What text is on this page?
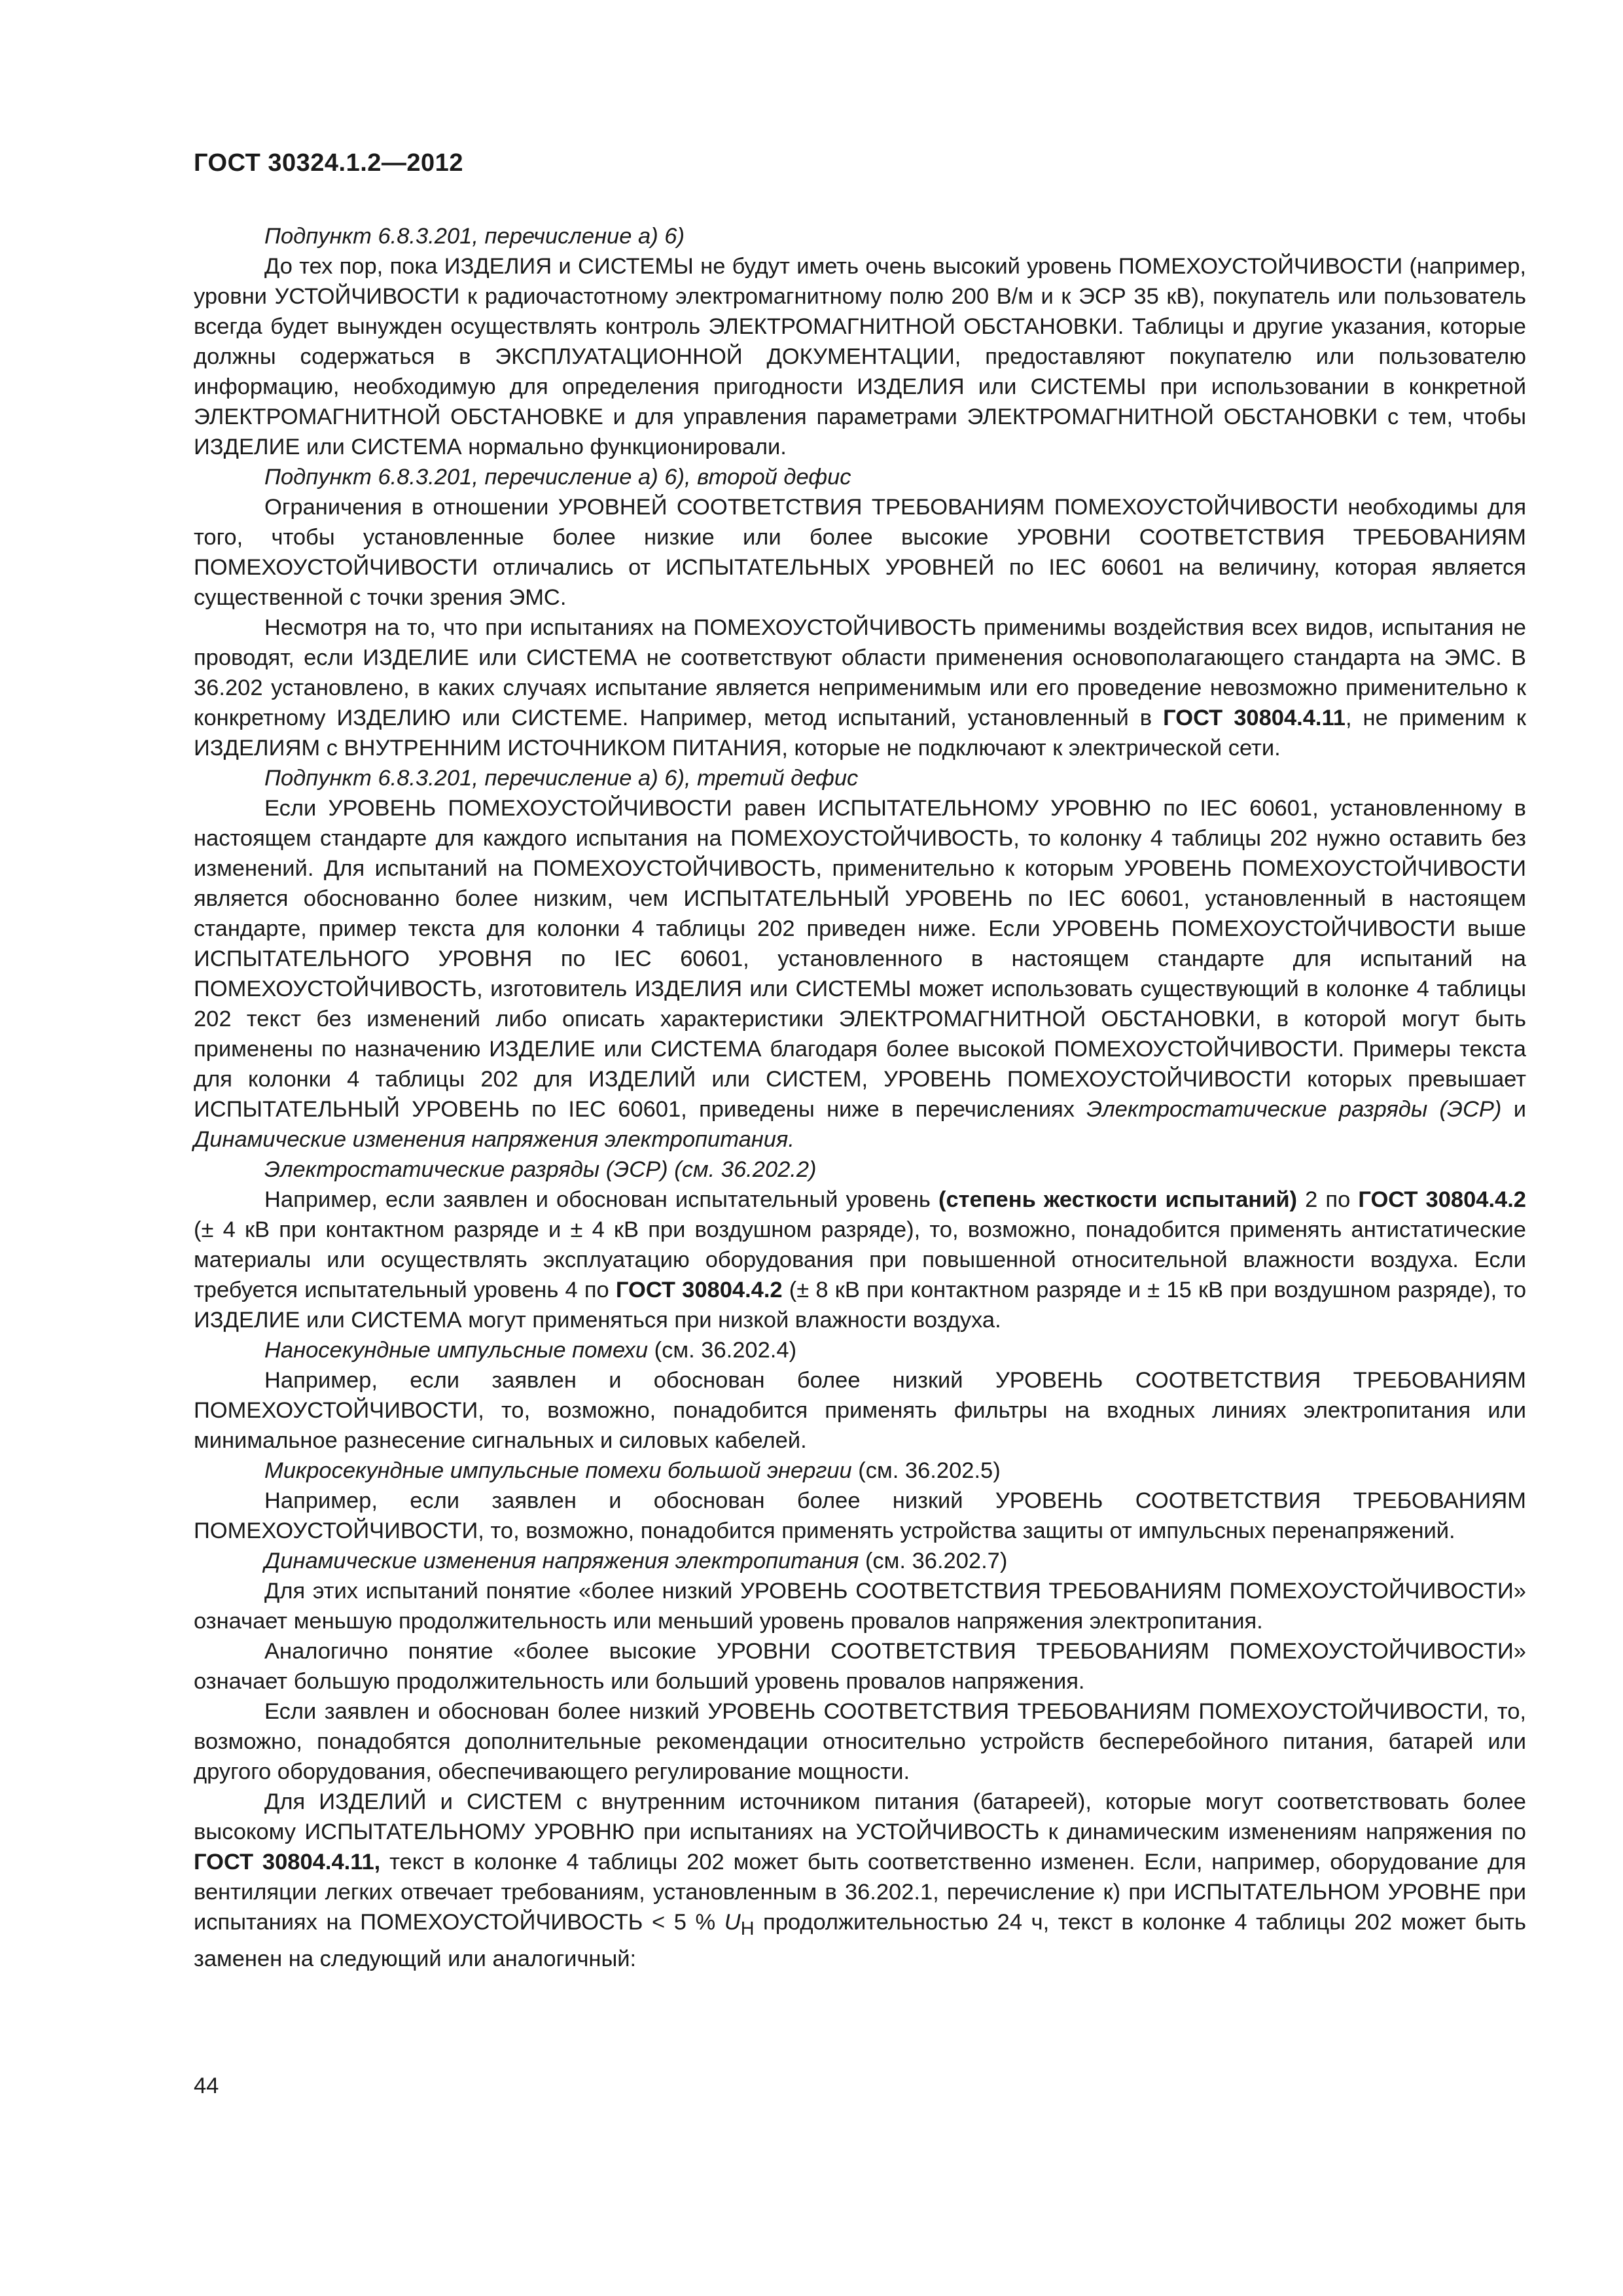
ГОСТ 30324.1.2—2012

Подпункт 6.8.3.201, перечисление а) 6)

До тех пор, пока ИЗДЕЛИЯ и СИСТЕМЫ не будут иметь очень высокий уровень ПОМЕХОУСТОЙЧИВОСТИ (например, уровни УСТОЙЧИВОСТИ к радиочастотному электромагнитному полю 200 В/м и к ЭСР 35 кВ), покупатель или пользователь всегда будет вынужден осуществлять контроль ЭЛЕКТРОМАГНИТНОЙ ОБСТАНОВКИ. Таблицы и другие указания, которые должны содержаться в ЭКСПЛУАТАЦИОННОЙ ДОКУМЕНТАЦИИ, предоставляют покупателю или пользователю информацию, необходимую для определения пригодности ИЗДЕЛИЯ или СИСТЕМЫ при использовании в конкретной ЭЛЕКТРОМАГНИТНОЙ ОБСТАНОВКЕ и для управления параметрами ЭЛЕКТРОМАГНИТНОЙ ОБСТАНОВКИ с тем, чтобы ИЗДЕЛИЕ или СИСТЕМА нормально функционировали.

Подпункт 6.8.3.201, перечисление а) 6), второй дефис

Ограничения в отношении УРОВНЕЙ СООТВЕТСТВИЯ ТРЕБОВАНИЯМ ПОМЕХОУСТОЙЧИВОСТИ необходимы для того, чтобы установленные более низкие или более высокие УРОВНИ СООТВЕТСТВИЯ ТРЕБОВАНИЯМ ПОМЕХОУСТОЙЧИВОСТИ отличались от ИСПЫТАТЕЛЬНЫХ УРОВНЕЙ по IEC 60601 на величину, которая является существенной с точки зрения ЭМС.

Несмотря на то, что при испытаниях на ПОМЕХОУСТОЙЧИВОСТЬ применимы воздействия всех видов, испытания не проводят, если ИЗДЕЛИЕ или СИСТЕМА не соответствуют области применения основополагающего стандарта на ЭМС. В 36.202 установлено, в каких случаях испытание является неприменимым или его проведение невозможно применительно к конкретному ИЗДЕЛИЮ или СИСТЕМЕ. Например, метод испытаний, установленный в ГОСТ 30804.4.11, не применим к ИЗДЕЛИЯМ с ВНУТРЕННИМ ИСТОЧНИКОМ ПИТАНИЯ, которые не подключают к электрической сети.

Подпункт 6.8.3.201, перечисление а) 6), третий дефис

Если УРОВЕНЬ ПОМЕХОУСТОЙЧИВОСТИ равен ИСПЫТАТЕЛЬНОМУ УРОВНЮ по IEC 60601, установленному в настоящем стандарте для каждого испытания на ПОМЕХОУСТОЙЧИВОСТЬ, то колонку 4 таблицы 202 нужно оставить без изменений. Для испытаний на ПОМЕХОУСТОЙЧИВОСТЬ, применительно к которым УРОВЕНЬ ПОМЕХОУСТОЙЧИВОСТИ является обоснованно более низким, чем ИСПЫТАТЕЛЬНЫЙ УРОВЕНЬ по IEC 60601, установленный в настоящем стандарте, пример текста для колонки 4 таблицы 202 приведен ниже. Если УРОВЕНЬ ПОМЕХОУСТОЙЧИВОСТИ выше ИСПЫТАТЕЛЬНОГО УРОВНЯ по IEC 60601, установленного в настоящем стандарте для испытаний на ПОМЕХОУСТОЙЧИВОСТЬ, изготовитель ИЗДЕЛИЯ или СИСТЕМЫ может использовать существующий в колонке 4 таблицы 202 текст без изменений либо описать характеристики ЭЛЕКТРОМАГНИТНОЙ ОБСТАНОВКИ, в которой могут быть применены по назначению ИЗДЕЛИЕ или СИСТЕМА благодаря более высокой ПОМЕХОУСТОЙЧИВОСТИ. Примеры текста для колонки 4 таблицы 202 для ИЗДЕЛИЙ или СИСТЕМ, УРОВЕНЬ ПОМЕХОУСТОЙЧИВОСТИ которых превышает ИСПЫТАТЕЛЬНЫЙ УРОВЕНЬ по IEC 60601, приведены ниже в перечислениях Электростатические разряды (ЭСР) и Динамические изменения напряжения электропитания.

Электростатические разряды (ЭСР) (см. 36.202.2)

Например, если заявлен и обоснован испытательный уровень (степень жесткости испытаний) 2 по ГОСТ 30804.4.2 (± 4 кВ при контактном разряде и ± 4 кВ при воздушном разряде), то, возможно, понадобится применять антистатические материалы или осуществлять эксплуатацию оборудования при повышенной относительной влажности воздуха. Если требуется испытательный уровень 4 по ГОСТ 30804.4.2 (± 8 кВ при контактном разряде и ± 15 кВ при воздушном разряде), то ИЗДЕЛИЕ или СИСТЕМА могут применяться при низкой влажности воздуха.

Наносекундные импульсные помехи (см. 36.202.4)

Например, если заявлен и обоснован более низкий УРОВЕНЬ СООТВЕТСТВИЯ ТРЕБОВАНИЯМ ПОМЕХОУСТОЙЧИВОСТИ, то, возможно, понадобится применять фильтры на входных линиях электропитания или минимальное разнесение сигнальных и силовых кабелей.

Микросекундные импульсные помехи большой энергии (см. 36.202.5)

Например, если заявлен и обоснован более низкий УРОВЕНЬ СООТВЕТСТВИЯ ТРЕБОВАНИЯМ ПОМЕХОУСТОЙЧИВОСТИ, то, возможно, понадобится применять устройства защиты от импульсных перенапряжений.

Динамические изменения напряжения электропитания (см. 36.202.7)

Для этих испытаний понятие «более низкий УРОВЕНЬ СООТВЕТСТВИЯ ТРЕБОВАНИЯМ ПОМЕХОУСТОЙЧИВОСТИ» означает меньшую продолжительность или меньший уровень провалов напряжения электропитания.

Аналогично понятие «более высокие УРОВНИ СООТВЕТСТВИЯ ТРЕБОВАНИЯМ ПОМЕХОУСТОЙЧИВОСТИ» означает большую продолжительность или больший уровень провалов напряжения.

Если заявлен и обоснован более низкий УРОВЕНЬ СООТВЕТСТВИЯ ТРЕБОВАНИЯМ ПОМЕХОУСТОЙЧИВОСТИ, то, возможно, понадобятся дополнительные рекомендации относительно устройств бесперебойного питания, батарей или другого оборудования, обеспечивающего регулирование мощности.

Для ИЗДЕЛИЙ и СИСТЕМ с внутренним источником питания (батареей), которые могут соответствовать более высокому ИСПЫТАТЕЛЬНОМУ УРОВНЮ при испытаниях на УСТОЙЧИВОСТЬ к динамическим изменениям напряжения по ГОСТ 30804.4.11, текст в колонке 4 таблицы 202 может быть соответственно изменен. Если, например, оборудование для вентиляции легких отвечает требованиям, установленным в 36.202.1, перечисление к) при ИСПЫТАТЕЛЬНОМ УРОВНЕ при испытаниях на ПОМЕХОУСТОЙЧИВОСТЬ < 5 % $U_H$ продолжительностью 24 ч, текст в колонке 4 таблицы 202 может быть заменен на следующий или аналогичный:

44
